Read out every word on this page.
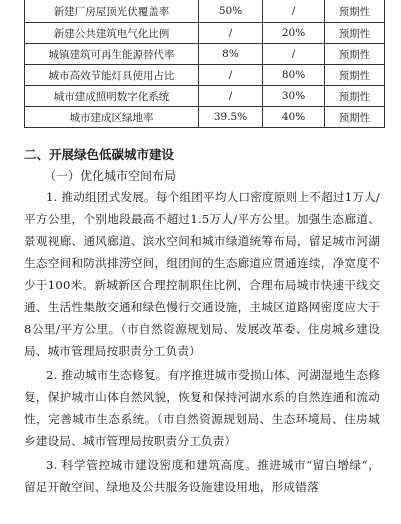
新建厂房屋顶光伏覆盖率	50%	/	预期性
新建公共建筑电气化比例	/	20%	预期性
城镇建筑可再生能源替代率	8%	/	预期性
城市高效节能灯具使用占比	/	80%	预期性
城市建成照明数字化系统	/	30%	预期性
城市建成区绿地率	39.5%	40%	预期性
二、开展绿色低碳城市建设
（一）优化城市空间布局

1. 推动组团式发展。每个组团平均人口密度原则上不超过1万人/平方公里，个别地段最高不超过1.5万人/平方公里。加强生态廊道、景观视廊、通风廊道、滨水空间和城市绿道统筹布局，留足城市河湖生态空间和防洪排涝空间，组团间的生态廊道应贯通连续，净宽度不少于100米。新城新区合理控制职住比例，合理布局城市快速干线交通、生活性集散交通和绿色慢行交通设施，主城区道路网密度应大于8公里/平方公里。（市自然资源规划局、发展改革委、住房城乡建设局、城市管理局按职责分工负责）

2. 推动城市生态修复。有序推进城市受损山体、河湖湿地生态修复，保护城市山体自然风貌，恢复和保持河湖水系的自然连通和流动性，完善城市生态系统。（市自然资源规划局、生态环境局、住房城乡建设局、城市管理局按职责分工负责）

3. 科学管控城市建设密度和建筑高度。推进城市“留白增绿”，留足开敞空间、绿地及公共服务设施建设用地，形成错落
